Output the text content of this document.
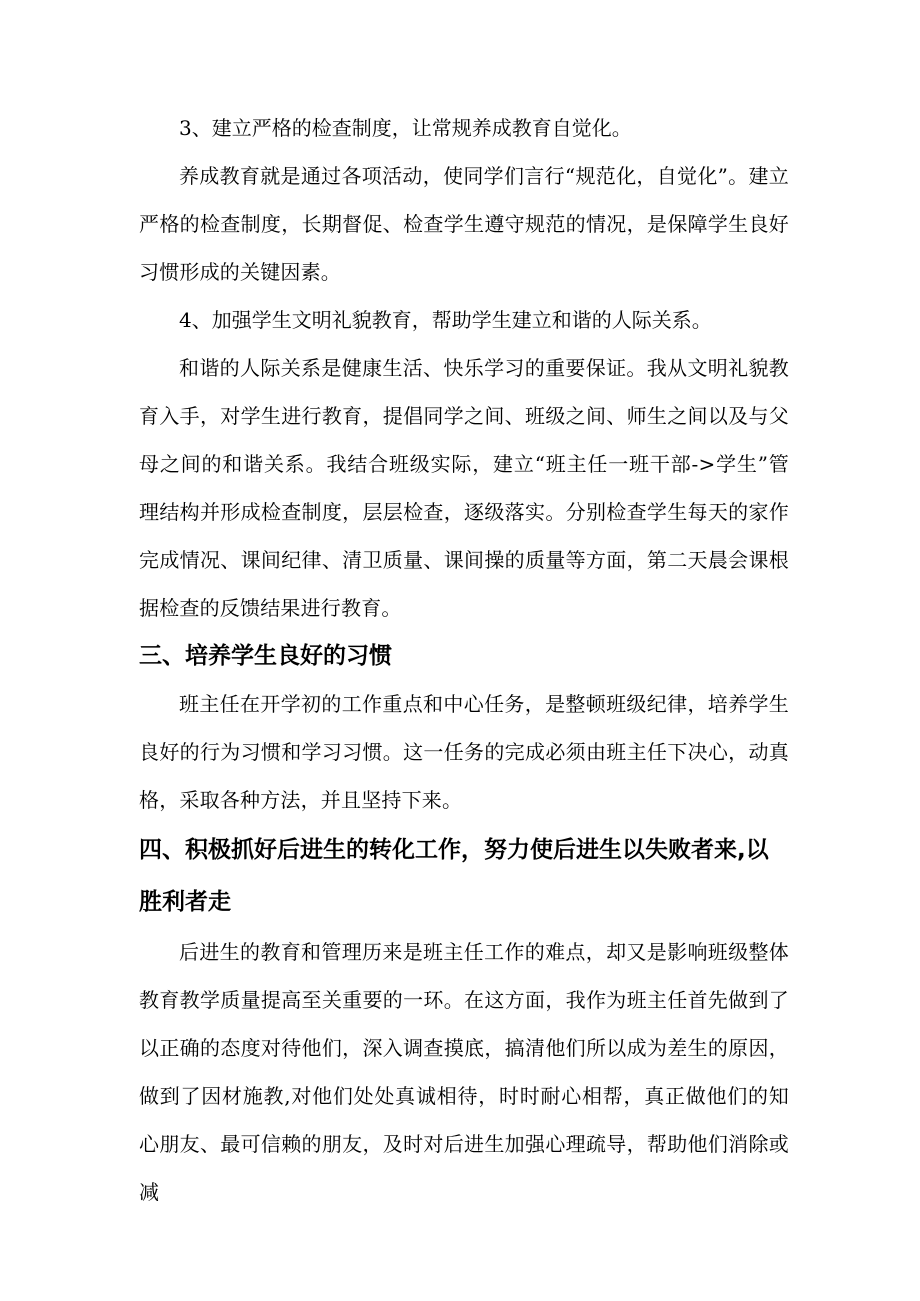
3、建立严格的检查制度，让常规养成教育自觉化。

养成教育就是通过各项活动，使同学们言行“规范化，自觉化”。建立严格的检查制度，长期督促、检查学生遵守规范的情况，是保障学生良好习惯形成的关键因素。

4、加强学生文明礼貌教育，帮助学生建立和谐的人际关系。

和谐的人际关系是健康生活、快乐学习的重要保证。我从文明礼貌教育入手，对学生进行教育，提倡同学之间、班级之间、师生之间以及与父母之间的和谐关系。我结合班级实际，建立“班主任一班干部->学生”管理结构并形成检查制度，层层检查，逐级落实。分别检查学生每天的家作完成情况、课间纪律、清卫质量、课间操的质量等方面，第二天晨会课根据检查的反馈结果进行教育。

三、培养学生良好的习惯

班主任在开学初的工作重点和中心任务，是整顿班级纪律，培养学生良好的行为习惯和学习习惯。这一任务的完成必须由班主任下决心，动真格，采取各种方法，并且坚持下来。

四、积极抓好后进生的转化工作，努力使后进生以失败者来,以胜利者走

后进生的教育和管理历来是班主任工作的难点，却又是影响班级整体教育教学质量提高至关重要的一环。在这方面，我作为班主任首先做到了以正确的态度对待他们，深入调查摸底，搞清他们所以成为差生的原因，做到了因材施教,对他们处处真诚相待，时时耐心相帮，真正做他们的知心朋友、最可信赖的朋友，及时对后进生加强心理疏导，帮助他们消除或减
